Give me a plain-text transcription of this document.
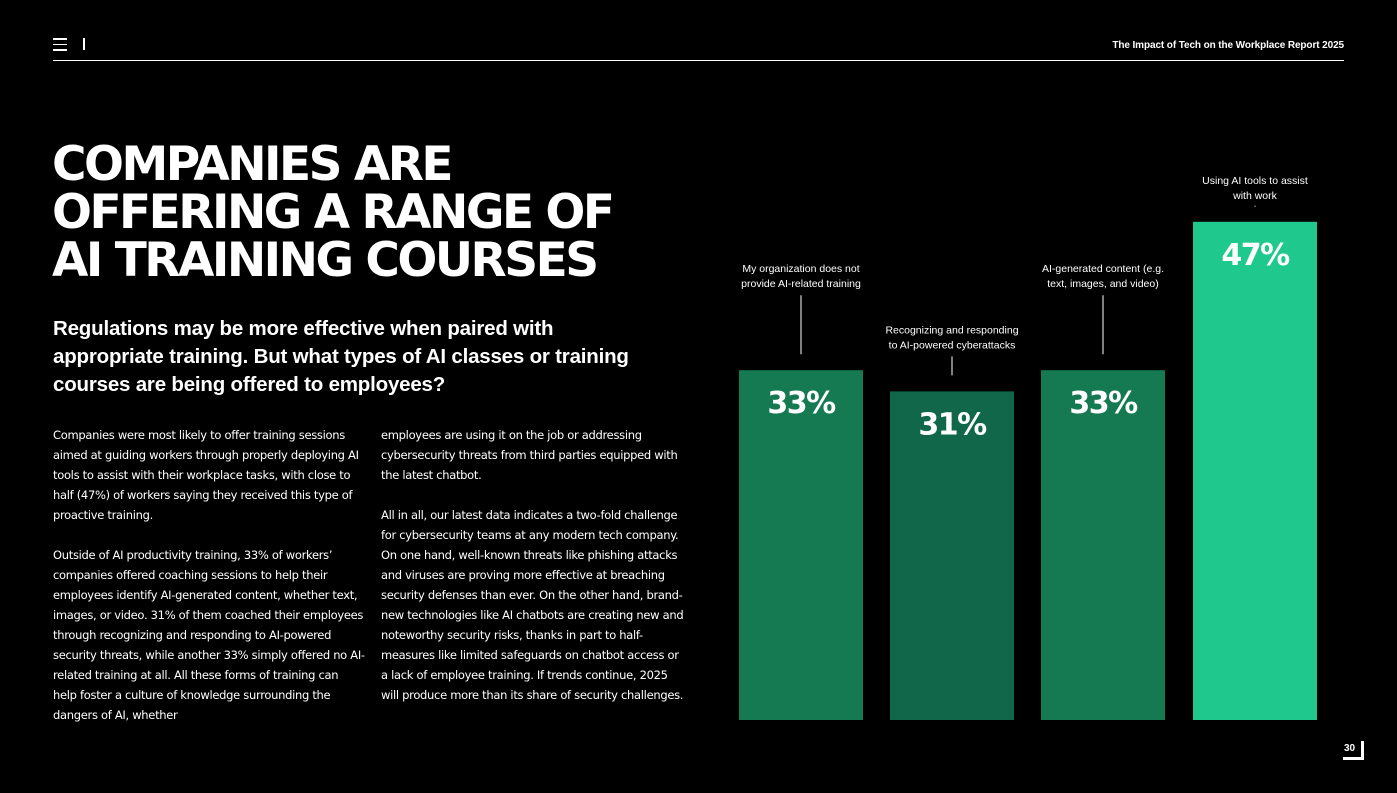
The Impact of Tech on the Workplace Report 2025
COMPANIES ARE
OFFERING A RANGE OF
AI TRAINING COURSES
Regulations may be more effective when paired with appropriate training. But what types of AI classes or training courses are being offered to employees?

Companies were most likely to offer training sessions aimed at guiding workers through properly deploying AI tools to assist with their workplace tasks, with close to half (47%) of workers saying they received this type of proactive training.

Outside of AI productivity training, 33% of workers’ companies offered coaching sessions to help their employees identify AI-generated content, whether text, images, or video. 31% of them coached their employees through recognizing and responding to AI-powered security threats, while another 33% simply offered no AI-related training at all. All these forms of training can help foster a culture of knowledge surrounding the dangers of AI, whether

employees are using it on the job or addressing cybersecurity threats from third parties equipped with the latest chatbot.

All in all, our latest data indicates a two-fold challenge for cybersecurity teams at any modern tech company. On one hand, well-known threats like phishing attacks and viruses are proving more effective at breaching security defenses than ever. On the other hand, brand-new technologies like AI chatbots are creating new and noteworthy security risks, thanks in part to half-measures like limited safeguards on chatbot access or a lack of employee training. If trends continue, 2025 will produce more than its share of security challenges.

33%
My organization does not provide AI-related training
31%
Recognizing and responding to AI-powered cyberattacks
33%
AI-generated content (e.g. text, images, and video)
47%
Using AI tools to assist with work
30
